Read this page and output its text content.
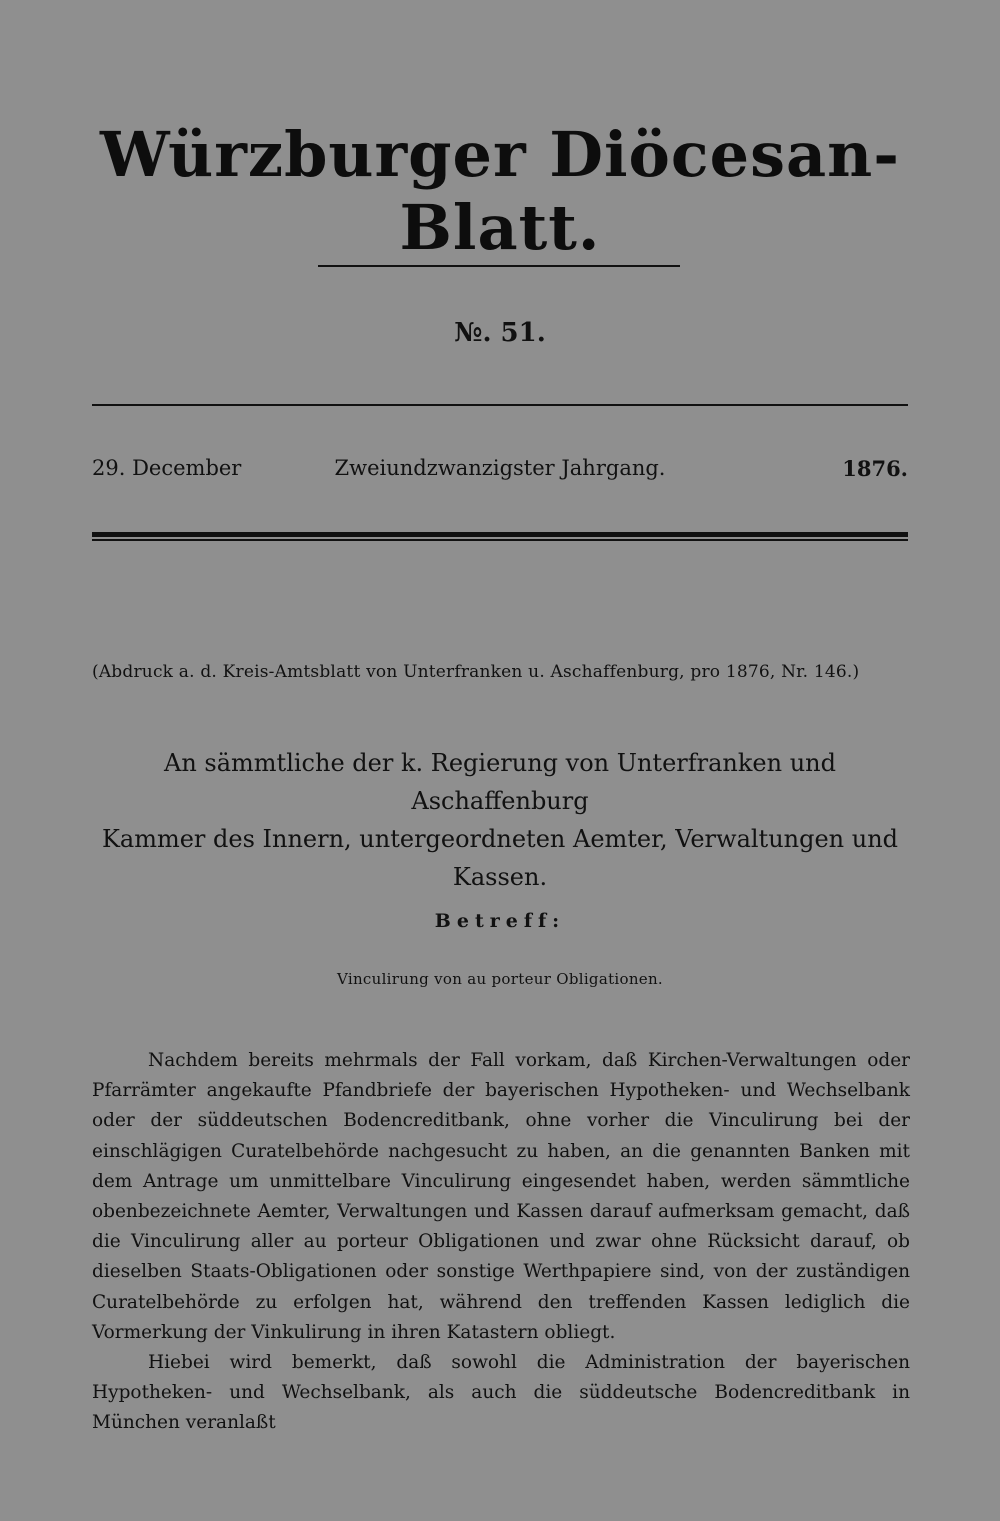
Würzburger Diöcesan-Blatt.
№. 51.
29. December	Zweiundzwanzigster Jahrgang.	1876.
(Abdruck a. d. Kreis-Amtsblatt von Unterfranken u. Aschaffenburg, pro 1876, Nr. 146.)
An sämmtliche der k. Regierung von Unterfranken und Aschaffenburg
Kammer des Innern, untergeordneten Aemter, Verwaltungen und
Kassen.
Betreff:
Vinculirung von au porteur Obligationen.

Nachdem bereits mehrmals der Fall vorkam, daß Kirchen-Verwaltungen oder Pfarrämter angekaufte Pfandbriefe der bayerischen Hypotheken- und Wechselbank oder der süddeutschen Bodencreditbank, ohne vorher die Vinculirung bei der einschlägigen Curatelbehörde nachgesucht zu haben, an die genannten Banken mit dem Antrage um unmittelbare Vinculirung eingesendet haben, werden sämmtliche obenbezeichnete Aemter, Verwaltungen und Kassen darauf aufmerksam gemacht, daß die Vinculirung aller au porteur Obligationen und zwar ohne Rücksicht darauf, ob dieselben Staats-Obligationen oder sonstige Werthpapiere sind, von der zuständigen Curatelbehörde zu erfolgen hat, während den treffenden Kassen lediglich die Vormerkung der Vinkulirung in ihren Katastern obliegt.

Hiebei wird bemerkt, daß sowohl die Administration der bayerischen Hypotheken- und Wechselbank, als auch die süddeutsche Bodencreditbank in München veranlaßt
